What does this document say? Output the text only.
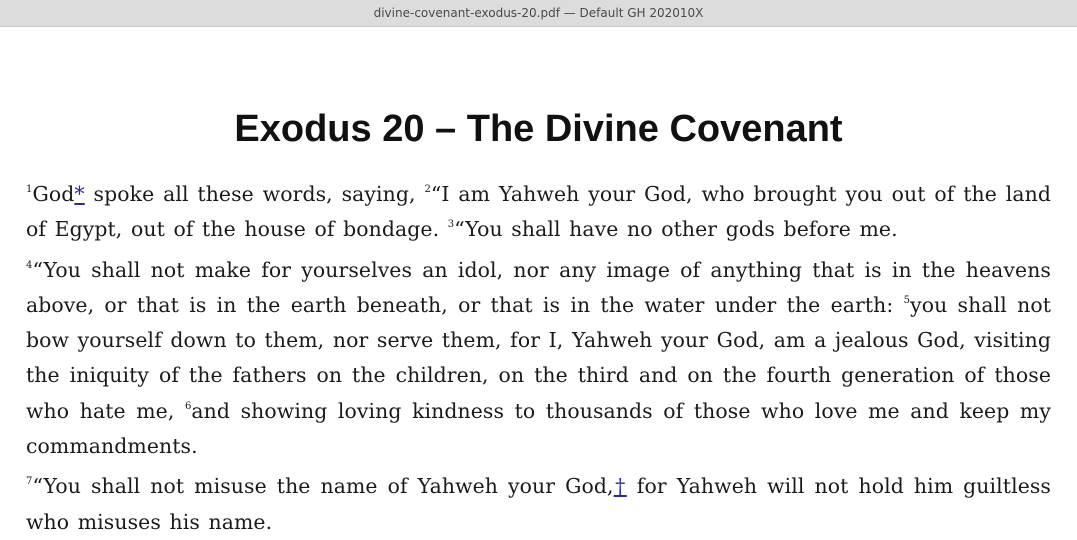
divine-covenant-exodus-20.pdf — Default GH 202010X
Exodus 20 – The Divine Covenant

$^1$God* spoke all these words, saying, $^2$“I am Yahweh your God, who brought you out of the land of Egypt, out of the house of bondage. $^3$“You shall have no other gods before me.

$^4$“You shall not make for yourselves an idol, nor any image of anything that is in the heavens above, or that is in the earth beneath, or that is in the water under the earth: $^5$you shall not bow yourself down to them, nor serve them, for I, Yahweh your God, am a jealous God, visiting the iniquity of the fathers on the children, on the third and on the fourth generation of those who hate me, $^6$and showing loving kindness to thousands of those who love me and keep my commandments.

$^7$“You shall not misuse the name of Yahweh your God,† for Yahweh will not hold him guiltless who misuses his name.
